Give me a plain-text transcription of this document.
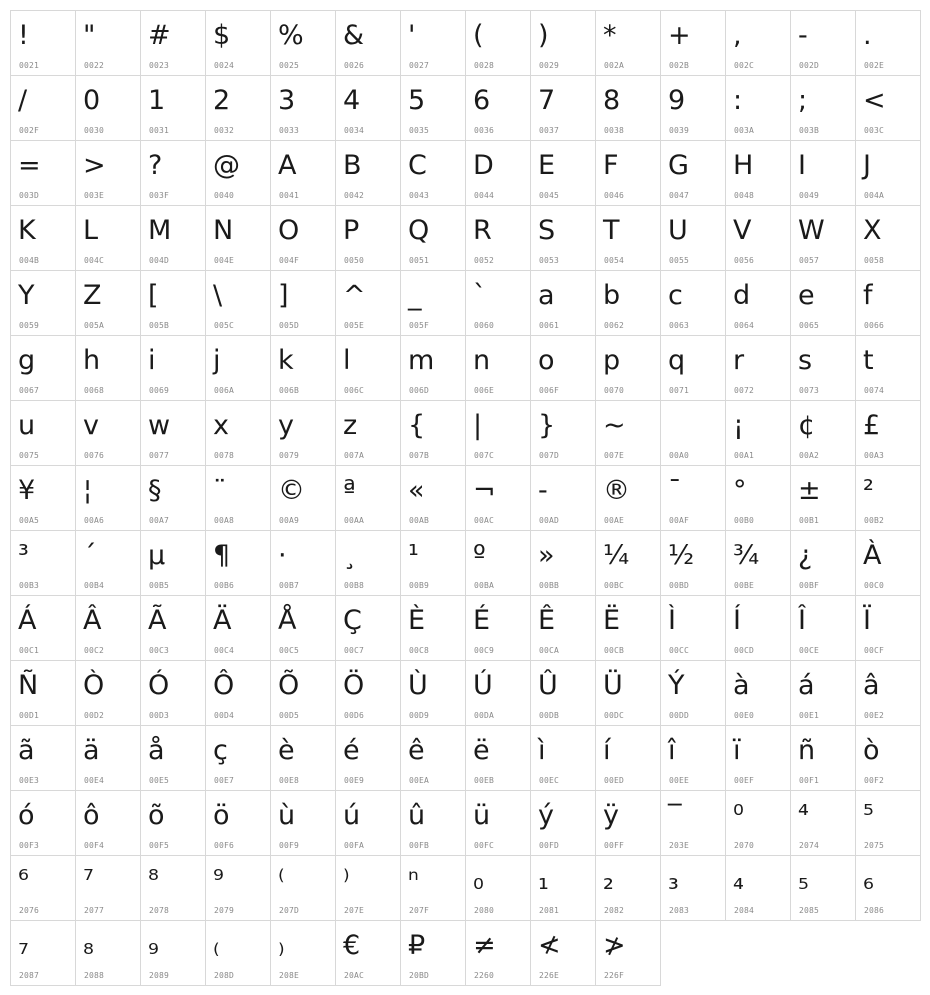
!
0021
"
0022
#
0023
$
0024
%
0025
&
0026
'
0027
(
0028
)
0029
*
002A
+
002B
,
002C
-
002D
.
002E
/
002F
0
0030
1
0031
2
0032
3
0033
4
0034
5
0035
6
0036
7
0037
8
0038
9
0039
:
003A
;
003B
<
003C
=
003D
>
003E
?
003F
@
0040
A
0041
B
0042
C
0043
D
0044
E
0045
F
0046
G
0047
H
0048
I
0049
J
004A
K
004B
L
004C
M
004D
N
004E
O
004F
P
0050
Q
0051
R
0052
S
0053
T
0054
U
0055
V
0056
W
0057
X
0058
Y
0059
Z
005A
[
005B
\
005C
]
005D
^
005E
_
005F
`
0060
a
0061
b
0062
c
0063
d
0064
e
0065
f
0066
g
0067
h
0068
i
0069
j
006A
k
006B
l
006C
m
006D
n
006E
o
006F
p
0070
q
0071
r
0072
s
0073
t
0074
u
0075
v
0076
w
0077
x
0078
y
0079
z
007A
{
007B
|
007C
}
007D
~
007E	00A0
¡
00A1
¢
00A2
£
00A3
¥
00A5
¦
00A6
§
00A7
¨
00A8
©
00A9
ª
00AA
«
00AB
¬
00AC
-
00AD
®
00AE
¯
00AF
°
00B0
±
00B1
²
00B2
³
00B3
´
00B4
µ
00B5
¶
00B6
·
00B7
¸
00B8
¹
00B9
º
00BA
»
00BB
¼
00BC
½
00BD
¾
00BE
¿
00BF
À
00C0
Á
00C1
Â
00C2
Ã
00C3
Ä
00C4
Å
00C5
Ç
00C7
È
00C8
É
00C9
Ê
00CA
Ë
00CB
Ì
00CC
Í
00CD
Î
00CE
Ï
00CF
Ñ
00D1
Ò
00D2
Ó
00D3
Ô
00D4
Õ
00D5
Ö
00D6
Ù
00D9
Ú
00DA
Û
00DB
Ü
00DC
Ý
00DD
à
00E0
á
00E1
â
00E2
ã
00E3
ä
00E4
å
00E5
ç
00E7
è
00E8
é
00E9
ê
00EA
ë
00EB
ì
00EC
í
00ED
î
00EE
ï
00EF
ñ
00F1
ò
00F2
ó
00F3
ô
00F4
õ
00F5
ö
00F6
ù
00F9
ú
00FA
û
00FB
ü
00FC
ý
00FD
ÿ
00FF
‾
203E
⁰
2070
⁴
2074
⁵
2075
⁶
2076
⁷
2077
⁸
2078
⁹
2079
⁽
207D
⁾
207E
ⁿ
207F
₀
2080
₁
2081
₂
2082
₃
2083
₄
2084
₅
2085
₆
2086
₇
2087
₈
2088
₉
2089
₍
208D
₎
208E
€
20AC
₽
20BD
≠
2260
≮
226E
≯
226F
